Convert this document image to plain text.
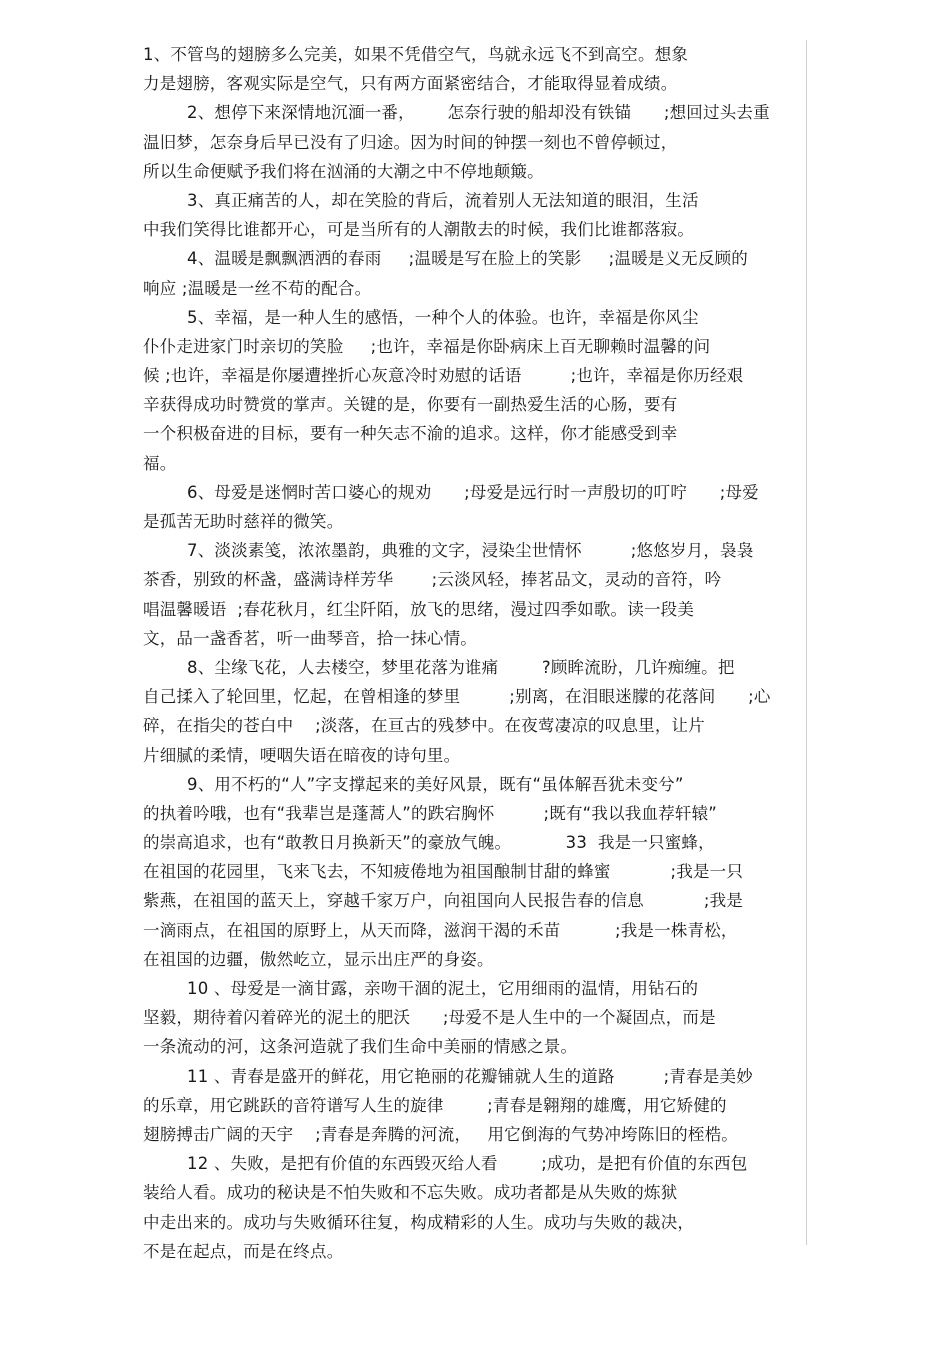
1、不管鸟的翅膀多么完美，如果不凭借空气，鸟就永远飞不到高空。想象
力是翅膀，客观实际是空气，只有两方面紧密结合，才能取得显着成绩。
2、想停下来深情地沉湎一番，      怎奈行驶的船却没有铁锚      ;想回过头去重
温旧梦，怎奈身后早已没有了归途。因为时间的钟摆一刻也不曾停顿过，
所以生命便赋予我们将在汹涌的大潮之中不停地颠簸。
3、真正痛苦的人，却在笑脸的背后，流着别人无法知道的眼泪，生活
中我们笑得比谁都开心，可是当所有的人潮散去的时候，我们比谁都落寂。
4、温暖是飘飘洒洒的春雨     ;温暖是写在脸上的笑影     ;温暖是义无反顾的
响应 ;温暖是一丝不苟的配合。
5、幸福，是一种人生的感悟，一种个人的体验。也许，幸福是你风尘
仆仆走进家门时亲切的笑脸     ;也许，幸福是你卧病床上百无聊赖时温馨的问
候 ;也许，幸福是你屡遭挫折心灰意冷时劝慰的话语         ;也许，幸福是你历经艰
辛获得成功时赞赏的掌声。关键的是，你要有一副热爱生活的心肠，要有
一个积极奋进的目标，要有一种矢志不渝的追求。这样，你才能感受到幸
福。
6、母爱是迷惘时苦口婆心的规劝      ;母爱是远行时一声殷切的叮咛      ;母爱
是孤苦无助时慈祥的微笑。
7、淡淡素笺，浓浓墨韵，典雅的文字，浸染尘世情怀         ;悠悠岁月，袅袅
茶香，别致的杯盏，盛满诗样芳华       ;云淡风轻，捧茗品文，灵动的音符，吟
唱温馨暖语  ;春花秋月，红尘阡陌，放飞的思绪，漫过四季如歌。读一段美
文，品一盏香茗，听一曲琴音，拾一抹心情。
8、尘缘飞花，人去楼空，梦里花落为谁痛        ?顾眸流盼，几许痴缠。把
自己揉入了轮回里，忆起，在曾相逢的梦里         ;别离，在泪眼迷朦的花落间      ;心
碎，在指尖的苍白中    ;淡落，在亘古的残梦中。在夜莺凄凉的叹息里，让片
片细腻的柔情，哽咽失语在暗夜的诗句里。
9、用不朽的“人”字支撑起来的美好风景，既有“虽体解吾犹未变兮”
的执着吟哦，也有“我辈岂是蓬蒿人”的跌宕胸怀         ;既有“我以我血荐轩辕”
的崇高追求，也有“敢教日月换新天”的豪放气魄。          33  我是一只蜜蜂，
在祖国的花园里，飞来飞去，不知疲倦地为祖国酿制甘甜的蜂蜜           ;我是一只
紫燕，在祖国的蓝天上，穿越千家万户，向祖国向人民报告春的信息           ;我是
一滴雨点，在祖国的原野上，从天而降，滋润干渴的禾苗          ;我是一株青松，
在祖国的边疆，傲然屹立，显示出庄严的身姿。
10 、母爱是一滴甘露，亲吻干涸的泥土，它用细雨的温情，用钻石的
坚毅，期待着闪着碎光的泥土的肥沃      ;母爱不是人生中的一个凝固点，而是
一条流动的河，这条河造就了我们生命中美丽的情感之景。
11 、青春是盛开的鲜花，用它艳丽的花瓣铺就人生的道路         ;青春是美妙
的乐章，用它跳跃的音符谱写人生的旋律        ;青春是翱翔的雄鹰，用它矫健的
翅膀搏击广阔的天宇    ;青春是奔腾的河流，   用它倒海的气势冲垮陈旧的桎梏。
12 、失败，是把有价值的东西毁灭给人看        ;成功，是把有价值的东西包
装给人看。成功的秘诀是不怕失败和不忘失败。成功者都是从失败的炼狱
中走出来的。成功与失败循环往复，构成精彩的人生。成功与失败的裁决，
不是在起点，而是在终点。
